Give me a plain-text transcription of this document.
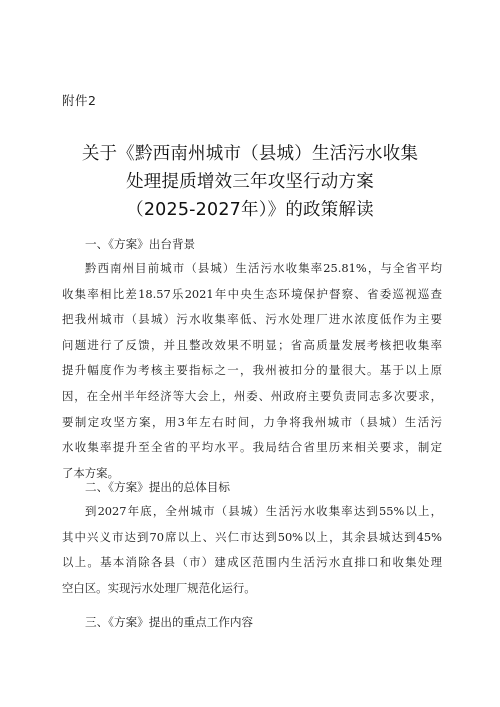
附件2
关于《黔西南州城市（县城）生活污水收集
处理提质增效三年攻坚行动方案
（2025-2027年）》的政策解读
一、《方案》出台背景
黔西南州目前城市（县城）生活污水收集率25.81%，与全省平均
收集率相比差18.57乐2021年中央生态环境保护督察、省委巡视巡查
把我州城市（县城）污水收集率低、污水处理厂进水浓度低作为主要
问题进行了反馈，并且整改效果不明显；省高质量发展考核把收集率
提升幅度作为考核主要指标之一，我州被扣分的量很大。基于以上原
因，在全州半年经济等大会上，州委、州政府主要负责同志多次要求，
要制定攻坚方案，用3年左右时间，力争将我州城市（县城）生活污
水收集率提升至全省的平均水平。我局结合省里历来相关要求，制定
了本方案。
二、《方案》提出的总体目标
到2027年底，全州城市（县城）生活污水收集率达到55%以上，
其中兴义市达到70席以上、兴仁市达到50%以上，其余县城达到45%
以上。基本消除各县（市）建成区范围内生活污水直排口和收集处理
空白区。实现污水处理厂规范化运行。
三、《方案》提出的重点工作内容
